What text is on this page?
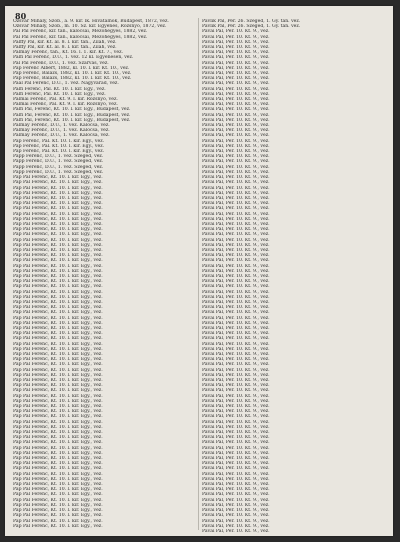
80
Ozsvár Mihály, Szob., a. 9. kir. lk. Hivatalnok, Budapest, 1872, vez.
Ozsvár Mihály, Szob., m. 10. Sz. kir. Egyenes, Rozsnyó, 1872, vez.
Pál Pál Ferenc, kir. tan., kalocsai, Mezőhegyes, 1882, vez.
Pál Pál Ferenc, kir. tan., kalocsai, Mezőhegyes, 1882, vez.
Pálffy Pál, kir. Kt. ál. 8. l. kir. tan., Zilah, vez.
Pálffy Pál, kir. Kt. ál. 8. l. kir. tan., Zilah, vez.
Pálmay Ferenc, tan., Kt. 16. l. 1. kir. Kt. 7., vez.
Pálfi Pál Ferenc, D.U., 1. vez. 12 kl. Egyenesen, vez.
Pál Pál Ferenc, D.U., 1. vez. Szarvas, vez.
Pap Ferenc Albert, 1882, kl. 10. l. kir. Kt. 10., vez.
Pap Ferenc, Balázs, 1882, kl. 10. l. kir. Kt. 10., vez.
Pap Ferenc, Balázs, 1882, kl. 10. l. kir. Kt. 10., vez.
Paál Pál Ferenc, D.U., 1. vez. Nagyvárad, vez.
Pálfi Ferenc, Pál. Kt. 10. l. kir. Egy., vez.
Pálfi Ferenc, Pál. Kt. 10. l. kir. Egy., vez.
Pálmai Ferenc, Pál. Kt. 9. l. kir. Rozsnyó, vez.
Pálmai Ferenc, Pál. Kt. 9. l. kir. Rozsnyó, vez.
Pálfi Pál, Ferenc, Kt. 10. l. kir. Egy., Budapest, vez.
Pálfi Pál, Ferenc, Kt. 10. l. kir. Egy., Budapest, vez.
Pálfi Pál, Ferenc, Kt. 10. l. kir. Egy., Budapest, vez.
Pálmay Ferenc, D.U., 1. vez. Kalocsa, vez.
Pálmay Ferenc, D.U., 1. vez. Kalocsa, vez.
Pálmay Ferenc, D.U., 1. vez. Kalocsa, vez.
Pap Ferenc, Pál. Kt. 10. l. kir. Egy., vez.
Pap Ferenc, Pál. Kt. 10. l. kir. Egy., vez.
Pap Ferenc, Pál. Kt. 10. l. kir. Egy., vez.
Papp Ferenc, D.U., 1. vez. Szeged, vez.
Papp Ferenc, D.U., 1. vez. Szeged, vez.
Papp Ferenc, D.U., 1. vez. Szeged, vez.
Papp Ferenc, D.U., 1. vez. Szeged, vez.
Pap Pál Ferenc, Kt. 10. l. kir. Egy., vez.
Pap Pál Ferenc, Kt. 10. l. kir. Egy., vez.
Pap Pál Ferenc, Kt. 10. l. kir. Egy., vez.
Pap Pál Ferenc, Kt. 10. l. kir. Egy., vez.
Pap Pál Ferenc, Kt. 10. l. kir. Egy., vez.
Pap Pál Ferenc, Kt. 10. l. kir. Egy., vez.
Pap Pál Ferenc, Kt. 10. l. kir. Egy., vez.
Pap Pál Ferenc, Kt. 10. l. kir. Egy., vez.
Pap Pál Ferenc, Kt. 10. l. kir. Egy., vez.
Pap Pál Ferenc, Kt. 10. l. kir. Egy., vez.
Pap Pál Ferenc, Kt. 10. l. kir. Egy., vez.
Pap Pál Ferenc, Kt. 10. l. kir. Egy., vez.
Pap Pál Ferenc, Kt. 10. l. kir. Egy., vez.
Pap Pál Ferenc, Kt. 10. l. kir. Egy., vez.
Pap Pál Ferenc, Kt. 10. l. kir. Egy., vez.
Pap Pál Ferenc, Kt. 10. l. kir. Egy., vez.
Pap Pál Ferenc, Kt. 10. l. kir. Egy., vez.
Pap Pál Ferenc, Kt. 10. l. kir. Egy., vez.
Pap Pál Ferenc, Kt. 10. l. kir. Egy., vez.
Pap Pál Ferenc, Kt. 10. l. kir. Egy., vez.
Pap Pál Ferenc, Kt. 10. l. kir. Egy., vez.
Pap Pál Ferenc, Kt. 10. l. kir. Egy., vez.
Pap Pál Ferenc, Kt. 10. l. kir. Egy., vez.
Pap Pál Ferenc, Kt. 10. l. kir. Egy., vez.
Pap Pál Ferenc, Kt. 10. l. kir. Egy., vez.
Pap Pál Ferenc, Kt. 10. l. kir. Egy., vez.
Pap Pál Ferenc, Kt. 10. l. kir. Egy., vez.
Pap Pál Ferenc, Kt. 10. l. kir. Egy., vez.
Pap Pál Ferenc, Kt. 10. l. kir. Egy., vez.
Pap Pál Ferenc, Kt. 10. l. kir. Egy., vez.
Pap Pál Ferenc, Kt. 10. l. kir. Egy., vez.
Pap Pál Ferenc, Kt. 10. l. kir. Egy., vez.
Pap Pál Ferenc, Kt. 10. l. kir. Egy., vez.
Pap Pál Ferenc, Kt. 10. l. kir. Egy., vez.
Pap Pál Ferenc, Kt. 10. l. kir. Egy., vez.
Pap Pál Ferenc, Kt. 10. l. kir. Egy., vez.
Pap Pál Ferenc, Kt. 10. l. kir. Egy., vez.
Pap Pál Ferenc, Kt. 10. l. kir. Egy., vez.
Pap Pál Ferenc, Kt. 10. l. kir. Egy., vez.
Pap Pál Ferenc, Kt. 10. l. kir. Egy., vez.
Pap Pál Ferenc, Kt. 10. l. kir. Egy., vez.
Pap Pál Ferenc, Kt. 10. l. kir. Egy., vez.
Pap Pál Ferenc, Kt. 10. l. kir. Egy., vez.
Pap Pál Ferenc, Kt. 10. l. kir. Egy., vez.
Pap Pál Ferenc, Kt. 10. l. kir. Egy., vez.
Pap Pál Ferenc, Kt. 10. l. kir. Egy., vez.
Pap Pál Ferenc, Kt. 10. l. kir. Egy., vez.
Pap Pál Ferenc, Kt. 10. l. kir. Egy., vez.
Pap Pál Ferenc, Kt. 10. l. kir. Egy., vez.
Pap Pál Ferenc, Kt. 10. l. kir. Egy., vez.
Pap Pál Ferenc, Kt. 10. l. kir. Egy., vez.
Pap Pál Ferenc, Kt. 10. l. kir. Egy., vez.
Pap Pál Ferenc, Kt. 10. l. kir. Egy., vez.
Pap Pál Ferenc, Kt. 10. l. kir. Egy., vez.
Pap Pál Ferenc, Kt. 10. l. kir. Egy., vez.
Pap Pál Ferenc, Kt. 10. l. kir. Egy., vez.
Pap Pál Ferenc, Kt. 10. l. kir. Egy., vez.
Pap Pál Ferenc, Kt. 10. l. kir. Egy., vez.
Pap Pál Ferenc, Kt. 10. l. kir. Egy., vez.
Pap Pál Ferenc, Kt. 10. l. kir. Egy., vez.
Pap Pál Ferenc, Kt. 10. l. kir. Egy., vez.
Pap Pál Ferenc, Kt. 10. l. kir. Egy., vez.
Pap Pál Ferenc, Kt. 10. l. kir. Egy., vez.
Pap Pál Ferenc, Kt. 10. l. kir. Egy., vez.
Pap Pál Ferenc, Kt. 10. l. kir. Egy., vez.
Pap Pál Ferenc, Kt. 10. l. kir. Egy., vez.
Pap Pál Ferenc, Kt. 10. l. kir. Egy., vez.
Pap Pál Ferenc, Kt. 10. l. kir. Egy., vez.
Pavlik Pál, Pér. 26. Szeged, 1. Gy. tan. vez.
Pavlik Pál, Pér. 26. Szeged, 1. Gy. tan. vez.
Pávai Pál, Pér. 10. Kt. 9., vez.
Pávai Pál, Pér. 10. Kt. 9., vez.
Pávai Pál, Pér. 10. Kt. 9., vez.
Pávai Pál, Pér. 10. Kt. 9., vez.
Pávai Pál, Pér. 10. Kt. 9., vez.
Pávai Pál, Pér. 10. Kt. 9., vez.
Pávai Pál, Pér. 10. Kt. 9., vez.
Pávai Pál, Pér. 10. Kt. 9., vez.
Pávai Pál, Pér. 10. Kt. 9., vez.
Pávai Pál, Pér. 10. Kt. 9., vez.
Pávai Pál, Pér. 10. Kt. 9., vez.
Pávai Pál, Pér. 10. Kt. 9., vez.
Pávai Pál, Pér. 10. Kt. 9., vez.
Pávai Pál, Pér. 10. Kt. 9., vez.
Pávai Pál, Pér. 10. Kt. 9., vez.
Pávai Pál, Pér. 10. Kt. 9., vez.
Pávai Pál, Pér. 10. Kt. 9., vez.
Pávai Pál, Pér. 10. Kt. 9., vez.
Pávai Pál, Pér. 10. Kt. 9., vez.
Pávai Pál, Pér. 10. Kt. 9., vez.
Pávai Pál, Pér. 10. Kt. 9., vez.
Pávai Pál, Pér. 10. Kt. 9., vez.
Pávai Pál, Pér. 10. Kt. 9., vez.
Pávai Pál, Pér. 10. Kt. 9., vez.
Pávai Pál, Pér. 10. Kt. 9., vez.
Pávai Pál, Pér. 10. Kt. 9., vez.
Pávai Pál, Pér. 10. Kt. 9., vez.
Pávai Pál, Pér. 10. Kt. 9., vez.
Pávai Pál, Pér. 10. Kt. 9., vez.
Pávai Pál, Pér. 10. Kt. 9., vez.
Pávai Pál, Pér. 10. Kt. 9., vez.
Pávai Pál, Pér. 10. Kt. 9., vez.
Pávai Pál, Pér. 10. Kt. 9., vez.
Pávai Pál, Pér. 10. Kt. 9., vez.
Pávai Pál, Pér. 10. Kt. 9., vez.
Pávai Pál, Pér. 10. Kt. 9., vez.
Pávai Pál, Pér. 10. Kt. 9., vez.
Pávai Pál, Pér. 10. Kt. 9., vez.
Pávai Pál, Pér. 10. Kt. 9., vez.
Pávai Pál, Pér. 10. Kt. 9., vez.
Pávai Pál, Pér. 10. Kt. 9., vez.
Pávai Pál, Pér. 10. Kt. 9., vez.
Pávai Pál, Pér. 10. Kt. 9., vez.
Pávai Pál, Pér. 10. Kt. 9., vez.
Pávai Pál, Pér. 10. Kt. 9., vez.
Pávai Pál, Pér. 10. Kt. 9., vez.
Pávai Pál, Pér. 10. Kt. 9., vez.
Pávai Pál, Pér. 10. Kt. 9., vez.
Pávai Pál, Pér. 10. Kt. 9., vez.
Pávai Pál, Pér. 10. Kt. 9., vez.
Pávai Pál, Pér. 10. Kt. 9., vez.
Pávai Pál, Pér. 10. Kt. 9., vez.
Pávai Pál, Pér. 10. Kt. 9., vez.
Pávai Pál, Pér. 10. Kt. 9., vez.
Pávai Pál, Pér. 10. Kt. 9., vez.
Pávai Pál, Pér. 10. Kt. 9., vez.
Pávai Pál, Pér. 10. Kt. 9., vez.
Pávai Pál, Pér. 10. Kt. 9., vez.
Pávai Pál, Pér. 10. Kt. 9., vez.
Pávai Pál, Pér. 10. Kt. 9., vez.
Pávai Pál, Pér. 10. Kt. 9., vez.
Pávai Pál, Pér. 10. Kt. 9., vez.
Pávai Pál, Pér. 10. Kt. 9., vez.
Pávai Pál, Pér. 10. Kt. 9., vez.
Pávai Pál, Pér. 10. Kt. 9., vez.
Pávai Pál, Pér. 10. Kt. 9., vez.
Pávai Pál, Pér. 10. Kt. 9., vez.
Pávai Pál, Pér. 10. Kt. 9., vez.
Pávai Pál, Pér. 10. Kt. 9., vez.
Pávai Pál, Pér. 10. Kt. 9., vez.
Pávai Pál, Pér. 10. Kt. 9., vez.
Pávai Pál, Pér. 10. Kt. 9., vez.
Pávai Pál, Pér. 10. Kt. 9., vez.
Pávai Pál, Pér. 10. Kt. 9., vez.
Pávai Pál, Pér. 10. Kt. 9., vez.
Pávai Pál, Pér. 10. Kt. 9., vez.
Pávai Pál, Pér. 10. Kt. 9., vez.
Pávai Pál, Pér. 10. Kt. 9., vez.
Pávai Pál, Pér. 10. Kt. 9., vez.
Pávai Pál, Pér. 10. Kt. 9., vez.
Pávai Pál, Pér. 10. Kt. 9., vez.
Pávai Pál, Pér. 10. Kt. 9., vez.
Pávai Pál, Pér. 10. Kt. 9., vez.
Pávai Pál, Pér. 10. Kt. 9., vez.
Pávai Pál, Pér. 10. Kt. 9., vez.
Pávai Pál, Pér. 10. Kt. 9., vez.
Pávai Pál, Pér. 10. Kt. 9., vez.
Pávai Pál, Pér. 10. Kt. 9., vez.
Pávai Pál, Pér. 10. Kt. 9., vez.
Pávai Pál, Pér. 10. Kt. 9., vez.
Pávai Pál, Pér. 10. Kt. 9., vez.
Pávai Pál, Pér. 10. Kt. 9., vez.
Pávai Pál, Pér. 10. Kt. 9., vez.
Pávai Pál, Pér. 10. Kt. 9., vez.
Pávai Pál, Pér. 10. Kt. 9., vez.
Pávai Pál, Pér. 10. Kt. 9., vez.
Pávai Pál, Pér. 10. Kt. 9., vez.
